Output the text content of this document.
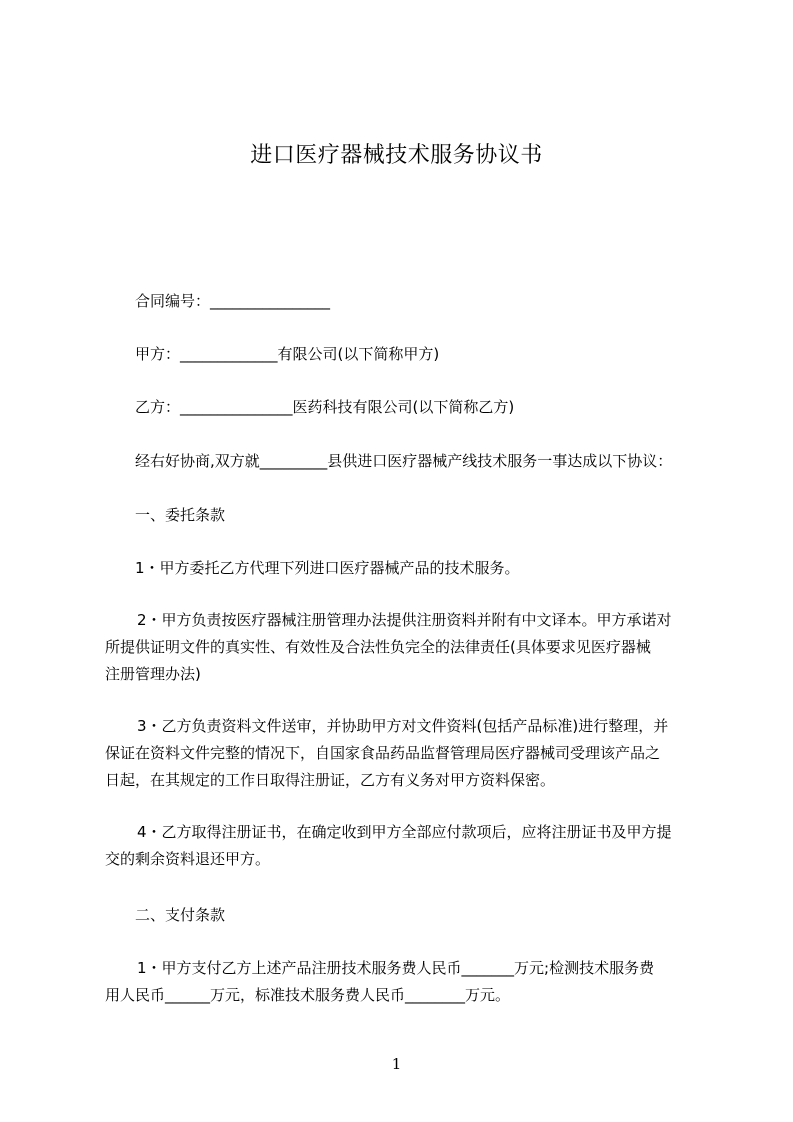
进口医疗器械技术服务协议书
合同编号：________________
甲方：_____________有限公司(以下简称甲方)
乙方：_______________医药科技有限公司(以下简称乙方)
经右好协商,双方就_________县供进口医疗器械产线技术服务一事达成以下协议：
一、委托条款
1・甲方委托乙方代理下列进口医疗器械产品的技术服务。
2・甲方负责按医疗器械注册管理办法提供注册资料并附有中文译本。甲方承诺对
所提供证明文件的真实性、有效性及合法性负完全的法律责任(具体要求见医疗器械
注册管理办法)
3・乙方负责资料文件送审，并协助甲方对文件资料(包括产品标准)进行整理，并
保证在资料文件完整的情况下，自国家食品药品监督管理局医疗器械司受理该产品之
日起，在其规定的工作日取得注册证，乙方有义务对甲方资料保密。
4・乙方取得注册证书，在确定收到甲方全部应付款项后，应将注册证书及甲方提
交的剩余资料退还甲方。
二、支付条款
1・甲方支付乙方上述产品注册技术服务费人民币_______万元;检测技术服务费
用人民币______万元，标准技术服务费人民币________万元。
1
